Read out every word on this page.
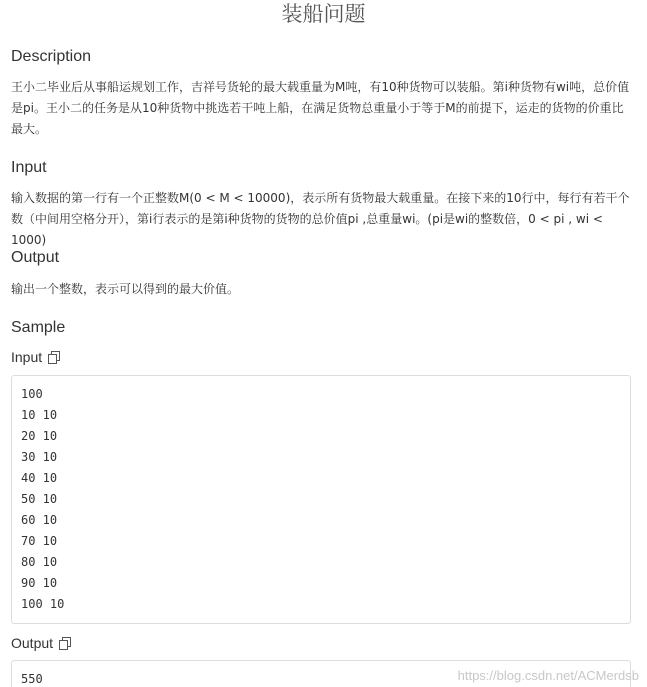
装船问题
Description
王小二毕业后从事船运规划工作，吉祥号货轮的最大载重量为M吨，有10种货物可以装船。第i种货物有wi吨，总价值是pi。王小二的任务是从10种货物中挑选若干吨上船，在满足货物总重量小于等于M的前提下，运走的货物的价重比最大。
Input
输入数据的第一行有一个正整数M(0 < M < 10000)，表示所有货物最大载重量。在接下来的10行中，每行有若干个数（中间用空格分开），第i行表示的是第i种货物的货物的总价值pi ,总重量wi。(pi是wi的整数倍，0 < pi , wi < 1000)
Output
输出一个整数，表示可以得到的最大价值。
Sample
Input
100
10 10
20 10
30 10
40 10
50 10
60 10
70 10
80 10
90 10
100 10
Output
550	https://blog.csdn.net/ACMerdsb
